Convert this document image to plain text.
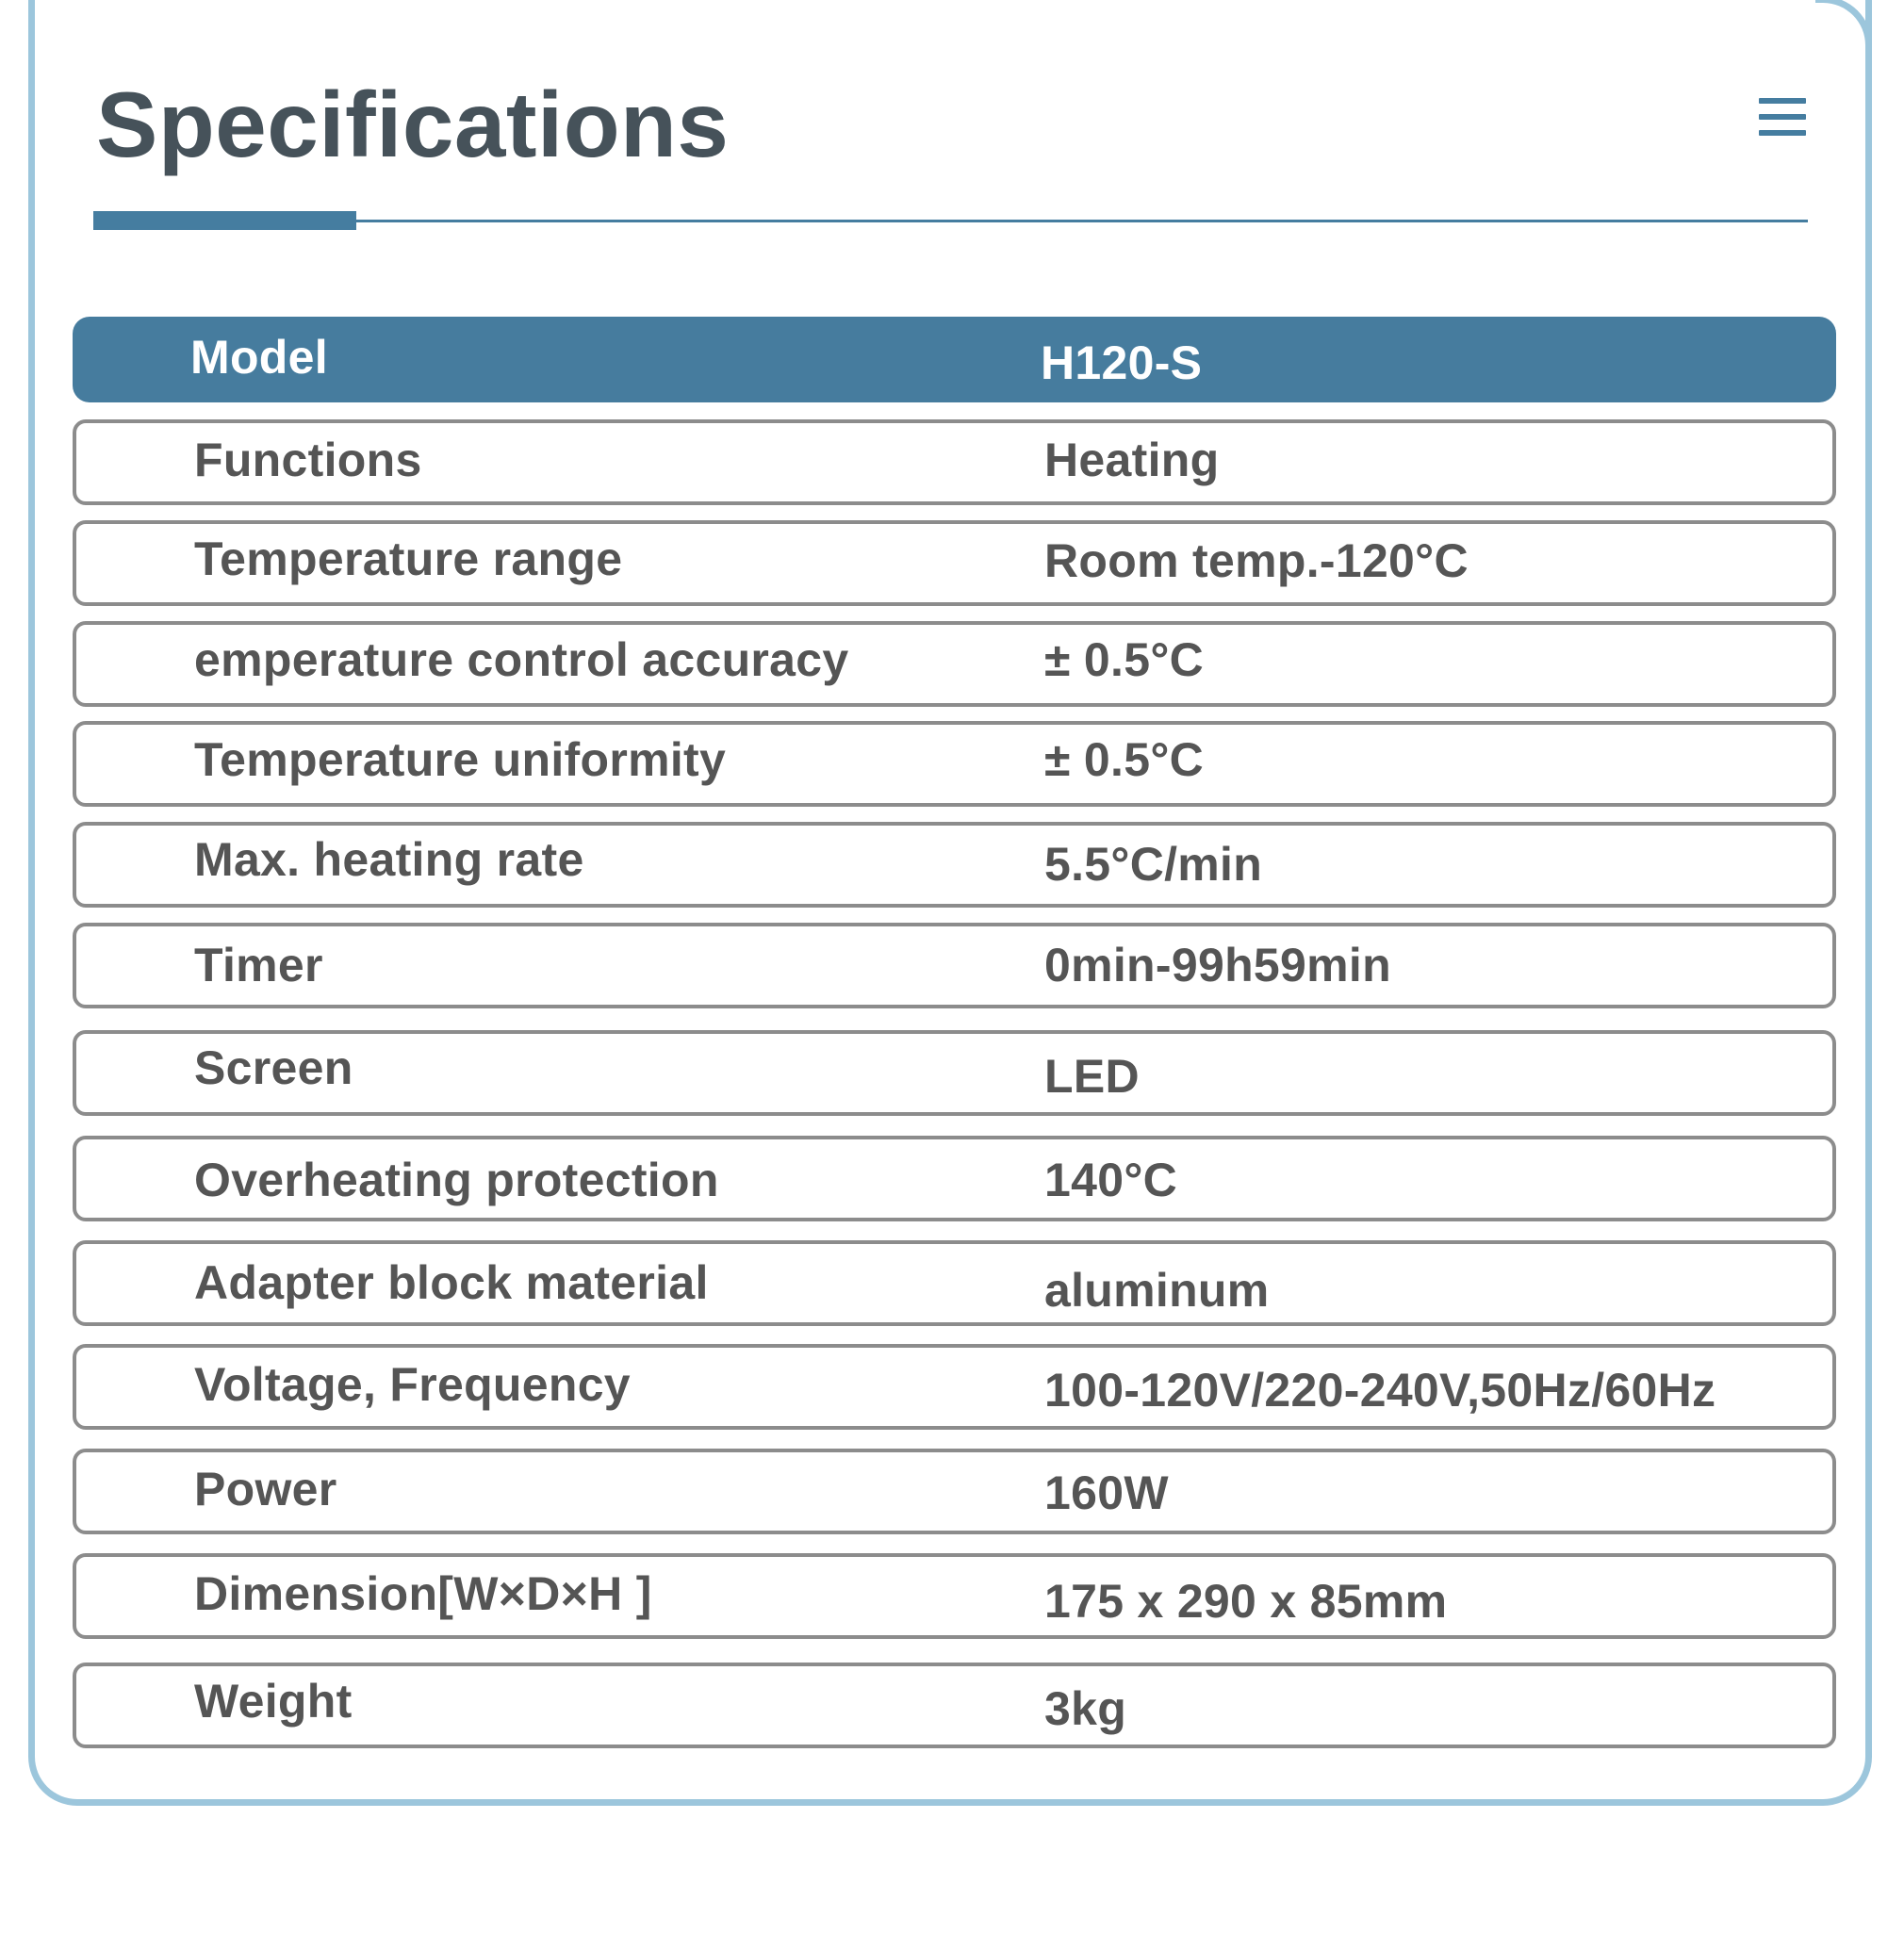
Specifications
Model	H120-S
Functions	Heating
Temperature range	Room temp.-120°C
emperature control accuracy	± 0.5°C
Temperature uniformity	± 0.5°C
Max. heating rate	5.5°C/min
Timer	0min-99h59min
Screen	LED
Overheating protection	140°C
Adapter block material	aluminum
Voltage, Frequency	100-120V/220-240V,50Hz/60Hz
Power	160W
Dimension[W×D×H ]	175 x 290 x 85mm
Weight	3kg
